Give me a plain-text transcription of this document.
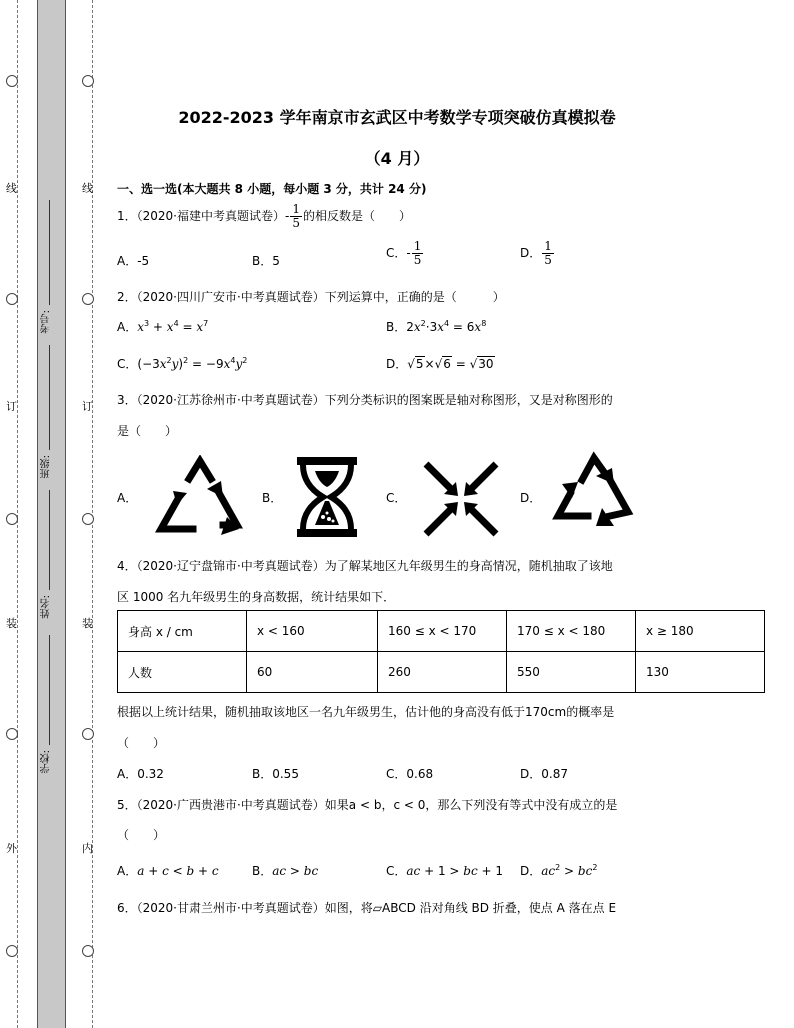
线
订
装
外
线
订
装
内
考号:
班级:
姓名:
学校:
2022-2023 学年南京市玄武区中考数学专项突破仿真模拟卷
（4 月）
一、选一选(本大题共 8 小题，每小题 3 分，共计 24 分)
1．（2020·福建中考真题试卷）- $\frac{1}{5}$ 的相反数是（　　）
A．-5	B．5
C．- $\frac{1}{5}$	D． $\frac{1}{5}$
2．（2020·四川广安市·中考真题试卷）下列运算中，正确的是（　　　）
A．$x^3 + x^4 = x^7$	B．$2x^2\cdot 3x^4 = 6x^8$
C．$(-3x^2y)^2 = -9x^4y^2$	D．√5×√6 = √30
3．（2020·江苏徐州市·中考真题试卷）下列分类标识的图案既是轴对称图形，又是对称图形的
是（　　）
A．	B．	C．	D．
4．（2020·辽宁盘锦市·中考真题试卷）为了解某地区九年级男生的身高情况，随机抽取了该地
区 1000 名九年级男生的身高数据，统计结果如下．
身高 x / cm	x < 160	160 ≤ x < 170	170 ≤ x < 180	x ≥ 180
人数	60	260	550	130
根据以上统计结果，随机抽取该地区一名九年级男生，估计他的身高没有低于170cm的概率是
（　　）
A．0.32	B．0.55	C．0.68	D．0.87
5．（2020·广西贵港市·中考真题试卷）如果a < b，c < 0，那么下列没有等式中没有成立的是
（　　）
A．a + c < b + c	B．ac > bc	C．ac + 1 > bc + 1 D．$ac^2 > bc^2$
6．（2020·甘肃兰州市·中考真题试卷）如图，将▱ABCD 沿对角线 BD 折叠，使点 A 落在点 E
